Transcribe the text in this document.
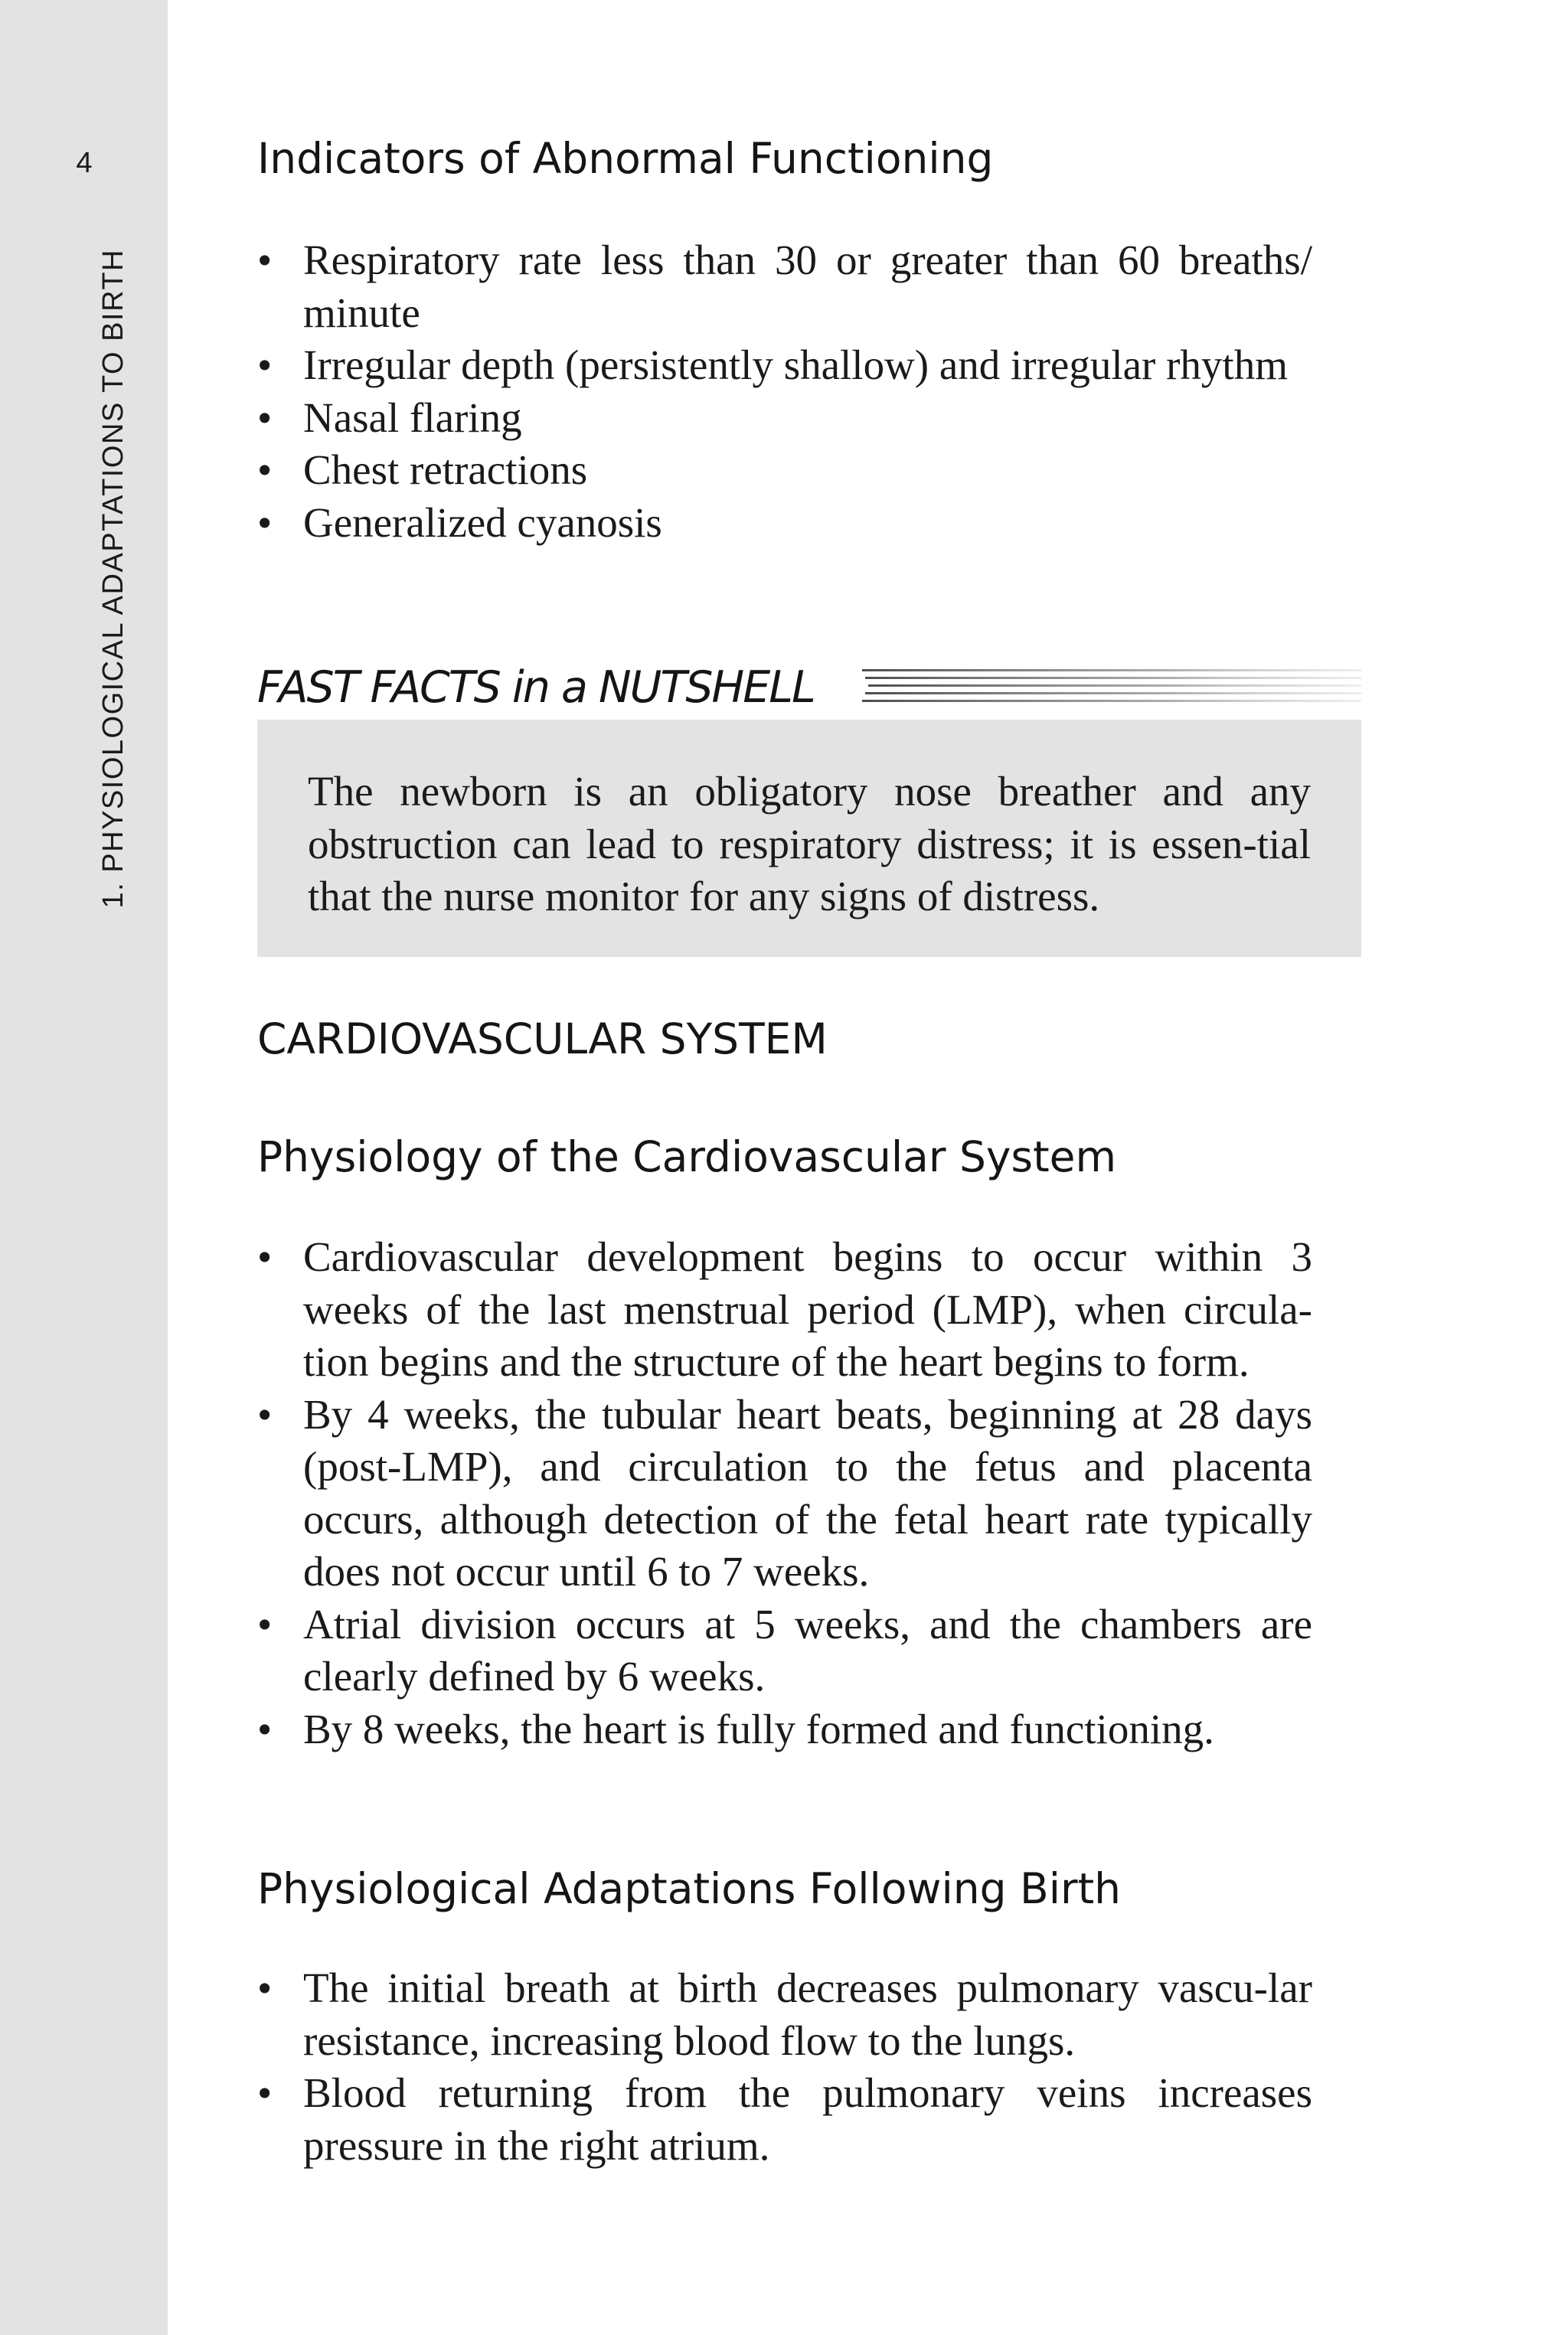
4
1. PHYSIOLOGICAL ADAPTATIONS TO BIRTH
Indicators of Abnormal Functioning
• Respiratory rate less than 30 or greater than 60 breaths/ minute
• Irregular depth (persistently shallow) and irregular rhythm
• Nasal flaring
• Chest retractions
• Generalized cyanosis
FAST FACTS in a NUTSHELL

The newborn is an obligatory nose breather and any obstruction can lead to respiratory distress; it is essen-tial that the nurse monitor for any signs of distress.

CARDIOVASCULAR SYSTEM
Physiology of the Cardiovascular System
• Cardiovascular development begins to occur within 3 weeks of the last menstrual period (LMP), when circula-tion begins and the structure of the heart begins to form.
• By 4 weeks, the tubular heart beats, beginning at 28 days (post-LMP), and circulation to the fetus and placenta occurs, although detection of the fetal heart rate typically does not occur until 6 to 7 weeks.
• Atrial division occurs at 5 weeks, and the chambers are clearly defined by 6 weeks.
• By 8 weeks, the heart is fully formed and functioning.
Physiological Adaptations Following Birth
• The initial breath at birth decreases pulmonary vascu-lar resistance, increasing blood flow to the lungs.
• Blood returning from the pulmonary veins increases pressure in the right atrium.
